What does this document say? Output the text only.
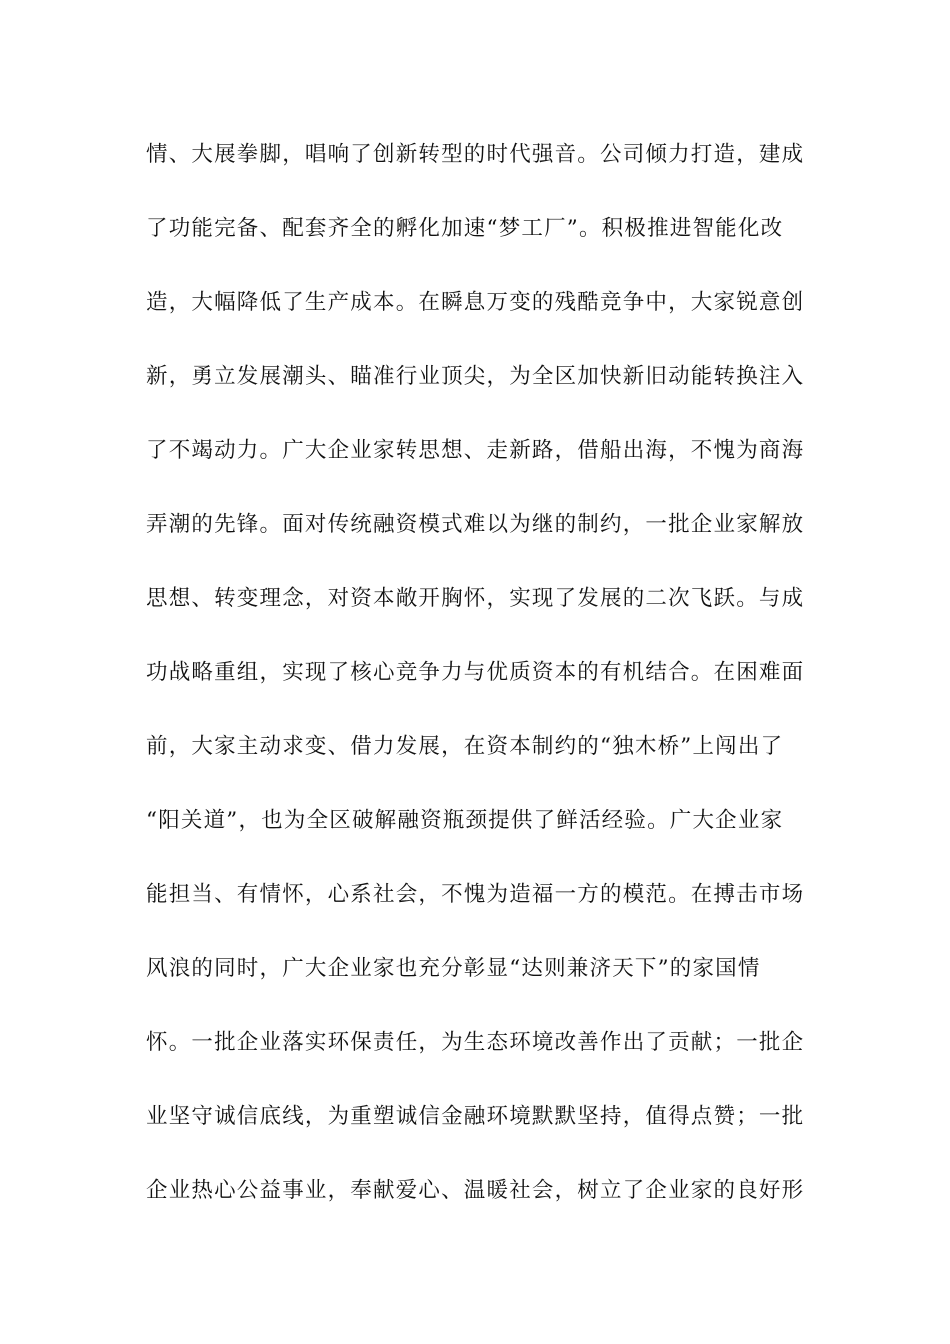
情、大展拳脚，唱响了创新转型的时代强音。公司倾力打造，建成
了功能完备、配套齐全的孵化加速“梦工厂”。积极推进智能化改
造，大幅降低了生产成本。在瞬息万变的残酷竞争中，大家锐意创
新，勇立发展潮头、瞄准行业顶尖，为全区加快新旧动能转换注入
了不竭动力。广大企业家转思想、走新路，借船出海，不愧为商海
弄潮的先锋。面对传统融资模式难以为继的制约，一批企业家解放
思想、转变理念，对资本敞开胸怀，实现了发展的二次飞跃。与成
功战略重组，实现了核心竞争力与优质资本的有机结合。在困难面
前，大家主动求变、借力发展，在资本制约的“独木桥”上闯出了
“阳关道”，也为全区破解融资瓶颈提供了鲜活经验。广大企业家
能担当、有情怀，心系社会，不愧为造福一方的模范。在搏击市场
风浪的同时，广大企业家也充分彰显“达则兼济天下”的家国情
怀。一批企业落实环保责任，为生态环境改善作出了贡献；一批企
业坚守诚信底线，为重塑诚信金融环境默默坚持，值得点赞；一批
企业热心公益事业，奉献爱心、温暖社会，树立了企业家的良好形
